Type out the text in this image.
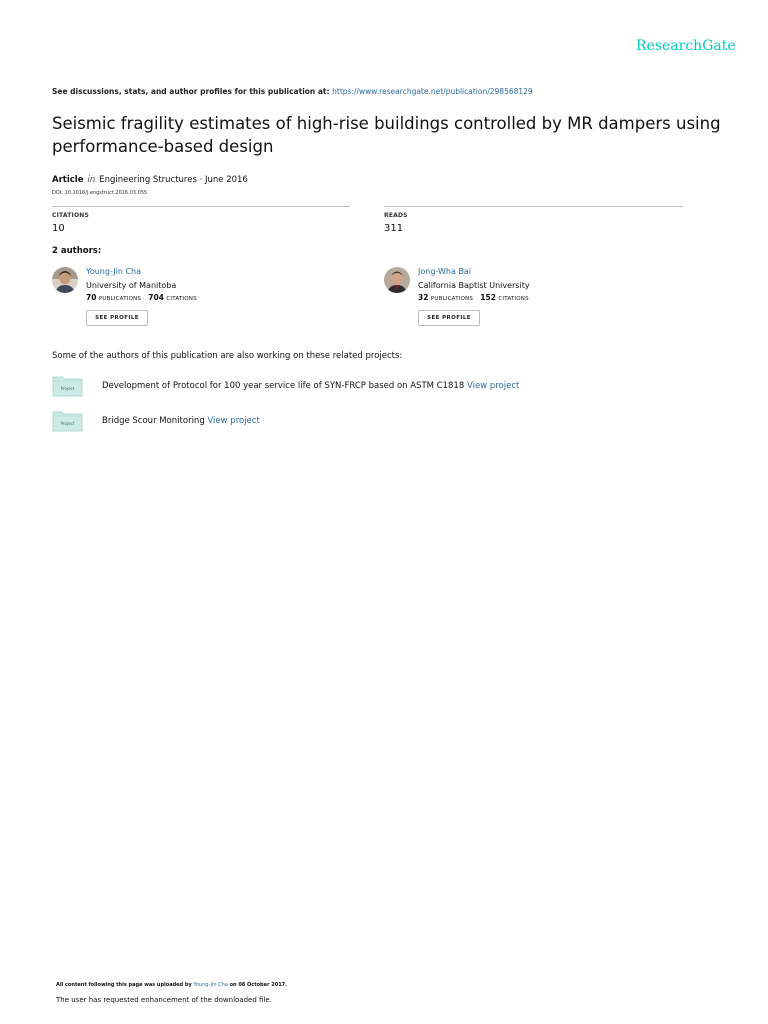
ResearchGate
See discussions, stats, and author profiles for this publication at: https://www.researchgate.net/publication/298568129
Seismic fragility estimates of high-rise buildings controlled by MR dampers using performance-based design
Article in Engineering Structures · June 2016
DOI: 10.1016/j.engstruct.2016.03.055
CITATIONS
10
READS
311
2 authors:
Young-Jin Cha
University of Manitoba
70 PUBLICATIONS 704 CITATIONS
SEE PROFILE
Jong-Wha Bai
California Baptist University
32 PUBLICATIONS 152 CITATIONS
SEE PROFILE
Some of the authors of this publication are also working on these related projects:
Project	Development of Protocol for 100 year service life of SYN-FRCP based on ASTM C1818 View project
Project	Bridge Scour Monitoring View project
All content following this page was uploaded by Young-Jin Cha on 08 October 2017.
The user has requested enhancement of the downloaded file.
